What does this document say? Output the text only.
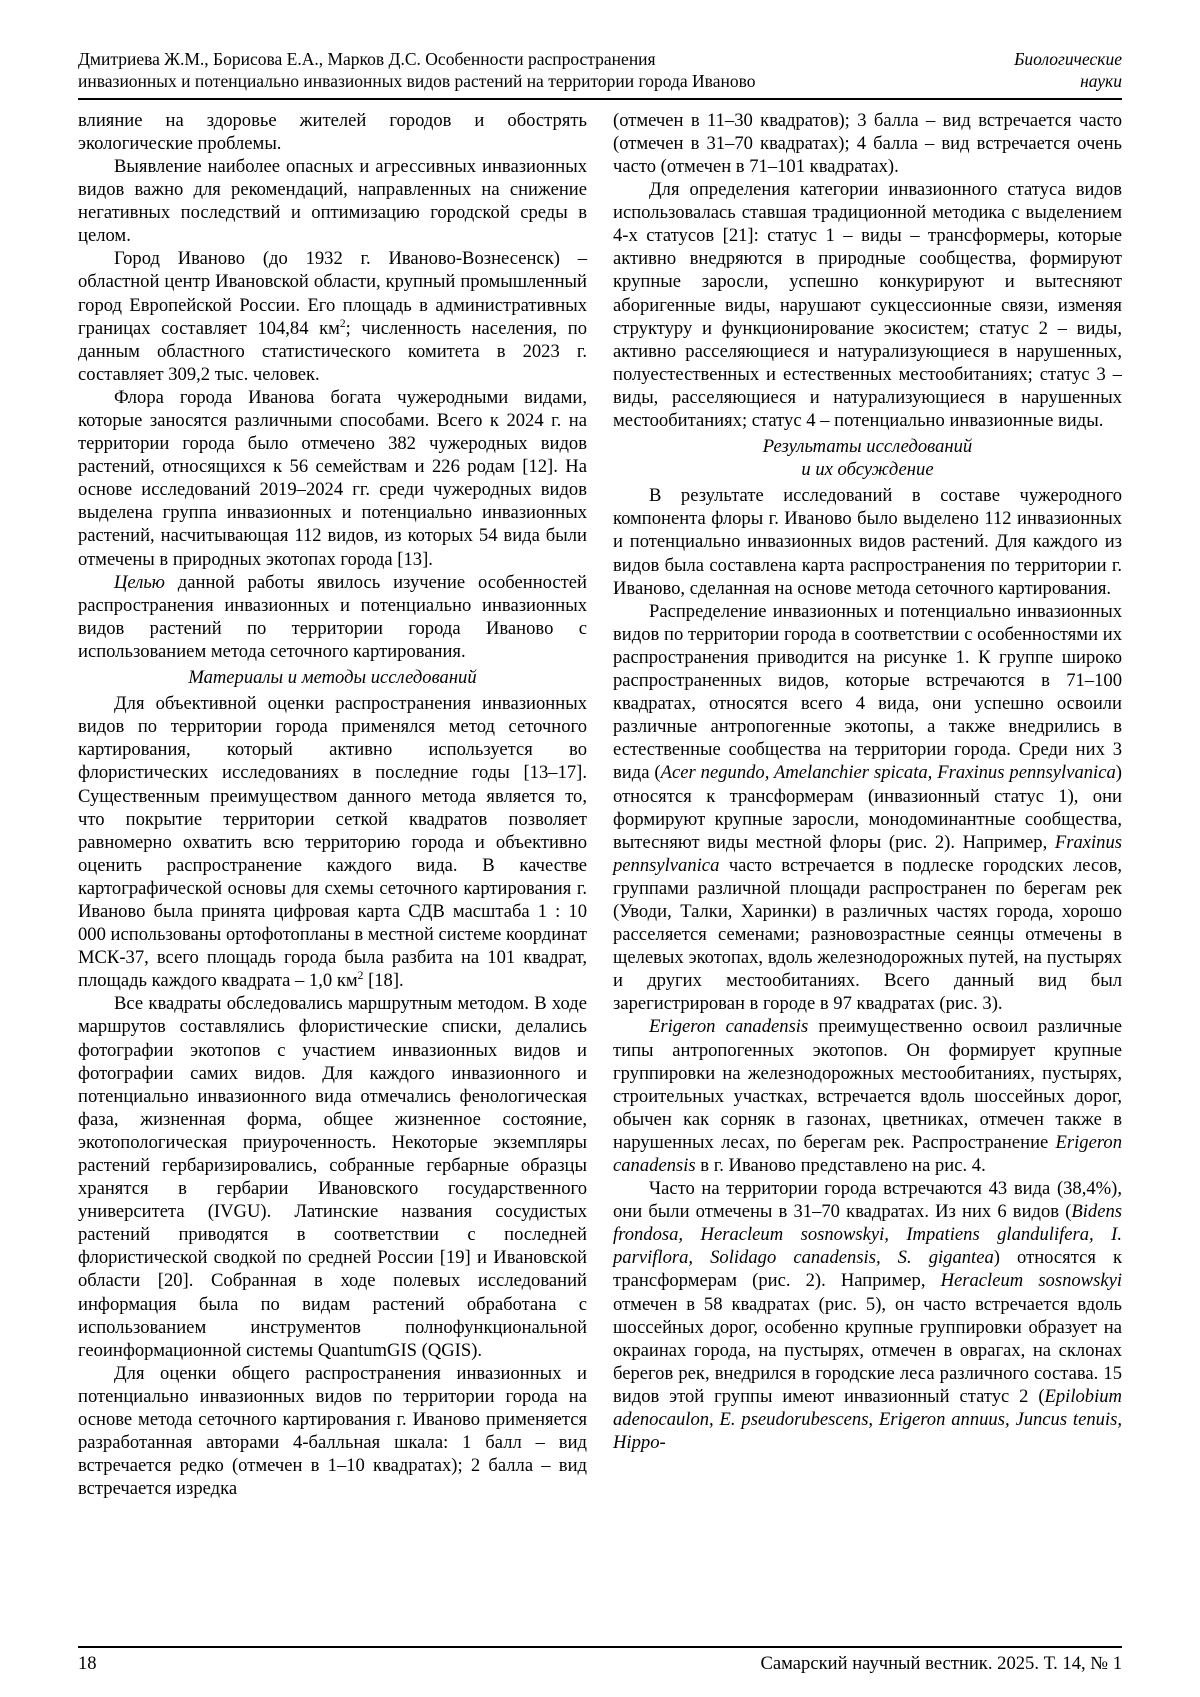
Дмитриева Ж.М., Борисова Е.А., Марков Д.С. Особенности распространения
инвазионных и потенциально инвазионных видов растений на территории города Иваново
Биологические
науки

влияние на здоровье жителей городов и обострять экологические проблемы.

Выявление наиболее опасных и агрессивных инвазионных видов важно для рекомендаций, направленных на снижение негативных последствий и оптимизацию городской среды в целом.

Город Иваново (до 1932 г. Иваново-Вознесенск) – областной центр Ивановской области, крупный промышленный город Европейской России. Его площадь в административных границах составляет 104,84 $км^2$; численность населения, по данным областного статистического комитета в 2023 г. составляет 309,2 тыс. человек.

Флора города Иванова богата чужеродными видами, которые заносятся различными способами. Всего к 2024 г. на территории города было отмечено 382 чужеродных видов растений, относящихся к 56 семействам и 226 родам [12]. На основе исследований 2019–2024 гг. среди чужеродных видов выделена группа инвазионных и потенциально инвазионных растений, насчитывающая 112 видов, из которых 54 вида были отмечены в природных экотопах города [13].

Целью данной работы явилось изучение особенностей распространения инвазионных и потенциально инвазионных видов растений по территории города Иваново с использованием метода сеточного картирования.

Материалы и методы исследований

Для объективной оценки распространения инвазионных видов по территории города применялся метод сеточного картирования, который активно используется во флористических исследованиях в последние годы [13–17]. Существенным преимуществом данного метода является то, что покрытие территории сеткой квадратов позволяет равномерно охватить всю территорию города и объективно оценить распространение каждого вида. В качестве картографической основы для схемы сеточного картирования г. Иваново была принята цифровая карта СДВ масштаба 1 : 10 000 использованы ортофотопланы в местной системе координат МСК-37, всего площадь города была разбита на 101 квадрат, площадь каждого квадрата – 1,0 $км^2$ [18].

Все квадраты обследовались маршрутным методом. В ходе маршрутов составлялись флористические списки, делались фотографии экотопов с участием инвазионных видов и фотографии самих видов. Для каждого инвазионного и потенциально инвазионного вида отмечались фенологическая фаза, жизненная форма, общее жизненное состояние, экотопологическая приуроченность. Некоторые экземпляры растений гербаризировались, собранные гербарные образцы хранятся в гербарии Ивановского государственного университета (IVGU). Латинские названия сосудистых растений приводятся в соответствии с последней флористической сводкой по средней России [19] и Ивановской области [20]. Собранная в ходе полевых исследований информация была по видам растений обработана с использованием инструментов полнофункциональной геоинформационной системы QuantumGIS (QGIS).

Для оценки общего распространения инвазионных и потенциально инвазионных видов по территории города на основе метода сеточного картирования г. Иваново применяется разработанная авторами 4-балльная шкала: 1 балл – вид встречается редко (отмечен в 1–10 квадратах); 2 балла – вид встречается изредка

(отмечен в 11–30 квадратов); 3 балла – вид встречается часто (отмечен в 31–70 квадратах); 4 балла – вид встречается очень часто (отмечен в 71–101 квадратах).

Для определения категории инвазионного статуса видов использовалась ставшая традиционной методика с выделением 4-х статусов [21]: статус 1 – виды – трансформеры, которые активно внедряются в природные сообщества, формируют крупные заросли, успешно конкурируют и вытесняют аборигенные виды, нарушают сукцессионные связи, изменяя структуру и функционирование экосистем; статус 2 – виды, активно расселяющиеся и натурализующиеся в нарушенных, полуестественных и естественных местообитаниях; статус 3 – виды, расселяющиеся и натурализующиеся в нарушенных местообитаниях; статус 4 – потенциально инвазионные виды.

Результаты исследований
и их обсуждение

В результате исследований в составе чужеродного компонента флоры г. Иваново было выделено 112 инвазионных и потенциально инвазионных видов растений. Для каждого из видов была составлена карта распространения по территории г. Иваново, сделанная на основе метода сеточного картирования.

Распределение инвазионных и потенциально инвазионных видов по территории города в соответствии с особенностями их распространения приводится на рисунке 1. К группе широко распространенных видов, которые встречаются в 71–100 квадратах, относятся всего 4 вида, они успешно освоили различные антропогенные экотопы, а также внедрились в естественные сообщества на территории города. Среди них 3 вида (Acer negundo, Amelanchier spicata, Fraxinus pennsylvanica) относятся к трансформерам (инвазионный статус 1), они формируют крупные заросли, монодоминантные сообщества, вытесняют виды местной флоры (рис. 2). Например, Fraxinus pennsylvanica часто встречается в подлеске городских лесов, группами различной площади распространен по берегам рек (Уводи, Талки, Харинки) в различных частях города, хорошо расселяется семенами; разновозрастные сеянцы отмечены в щелевых экотопах, вдоль железнодорожных путей, на пустырях и других местообитаниях. Всего данный вид был зарегистрирован в городе в 97 квадратах (рис. 3).

Erigeron canadensis преимущественно освоил различные типы антропогенных экотопов. Он формирует крупные группировки на железнодорожных местообитаниях, пустырях, строительных участках, встречается вдоль шоссейных дорог, обычен как сорняк в газонах, цветниках, отмечен также в нарушенных лесах, по берегам рек. Распространение Erigeron canadensis в г. Иваново представлено на рис. 4.

Часто на территории города встречаются 43 вида (38,4%), они были отмечены в 31–70 квадратах. Из них 6 видов (Bidens frondosa, Heracleum sosnowskyi, Impatiens glandulifera, I. parviflora, Solidago canadensis, S. gigantea) относятся к трансформерам (рис. 2). Например, Heracleum sosnowskyi отмечен в 58 квадратах (рис. 5), он часто встречается вдоль шоссейных дорог, особенно крупные группировки образует на окраинах города, на пустырях, отмечен в оврагах, на склонах берегов рек, внедрился в городские леса различного состава. 15 видов этой группы имеют инвазионный статус 2 (Epilobium adenocaulon, E. pseudorubescens, Erigeron annuus, Juncus tenuis, Hippo-

18	Самарский научный вестник. 2025. Т. 14, № 1
